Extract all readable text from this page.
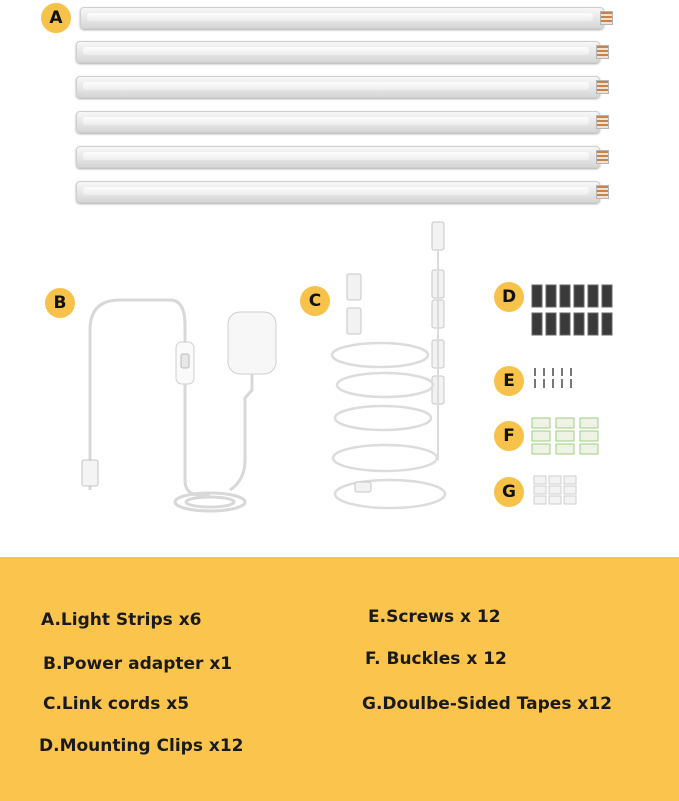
A
B	C	D
E
F
G
A.Light Strips x6
B.Power adapter x1
C.Link cords x5
D.Mounting Clips x12
E.Screws x 12
F. Buckles x 12
G.Doulbe-Sided Tapes x12
